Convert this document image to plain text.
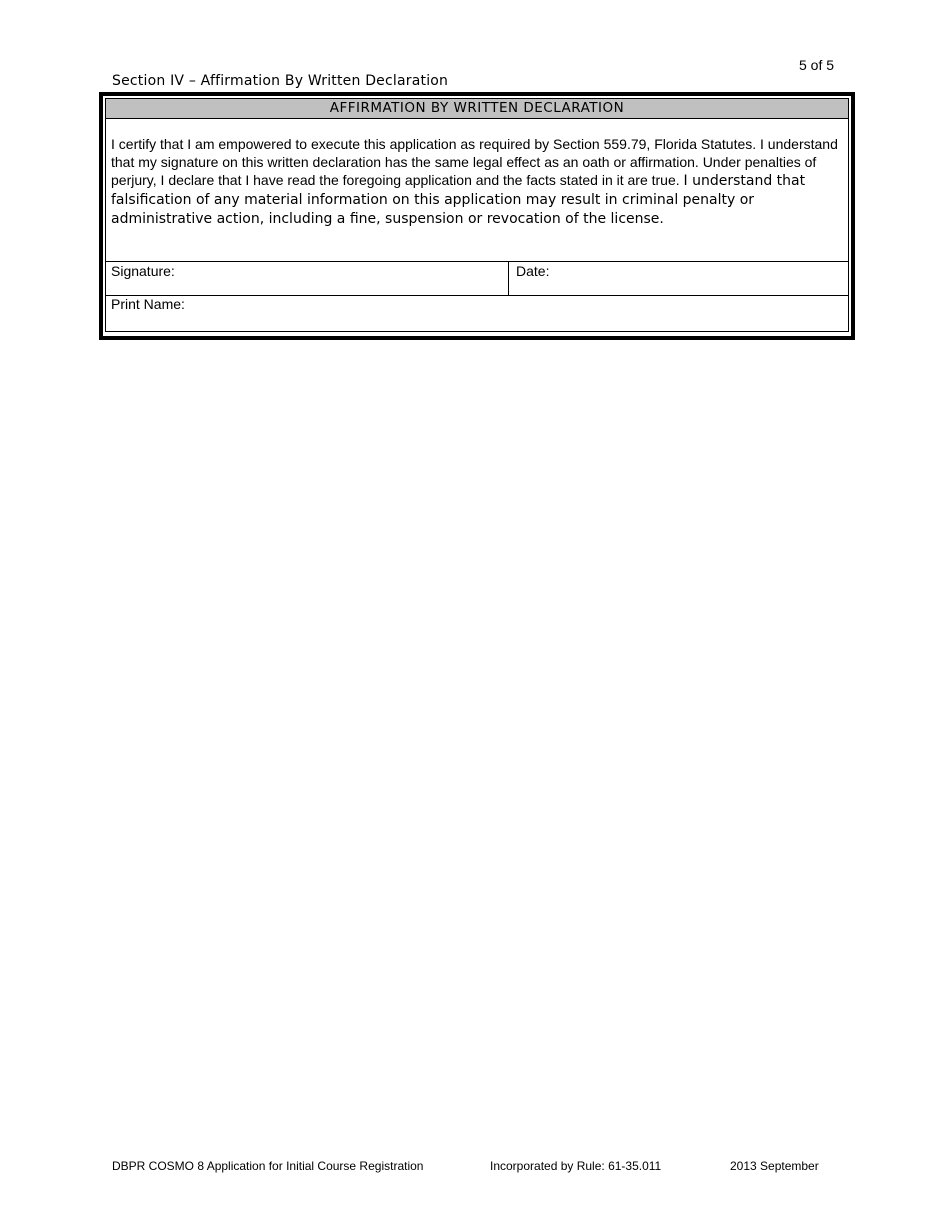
5 of 5
Section IV – Affirmation By Written Declaration
AFFIRMATION BY WRITTEN DECLARATION

I certify that I am empowered to execute this application as required by Section 559.79, Florida Statutes. I understand that my signature on this written declaration has the same legal effect as an oath or affirmation. Under penalties of perjury, I declare that I have read the foregoing application and the facts stated in it are true. I understand that falsification of any material information on this application may result in criminal penalty or administrative action, including a fine, suspension or revocation of the license.

Signature:	Date:
Print Name:
DBPR COSMO 8 Application for Initial Course Registration	Incorporated by Rule: 61-35.011	2013 September
